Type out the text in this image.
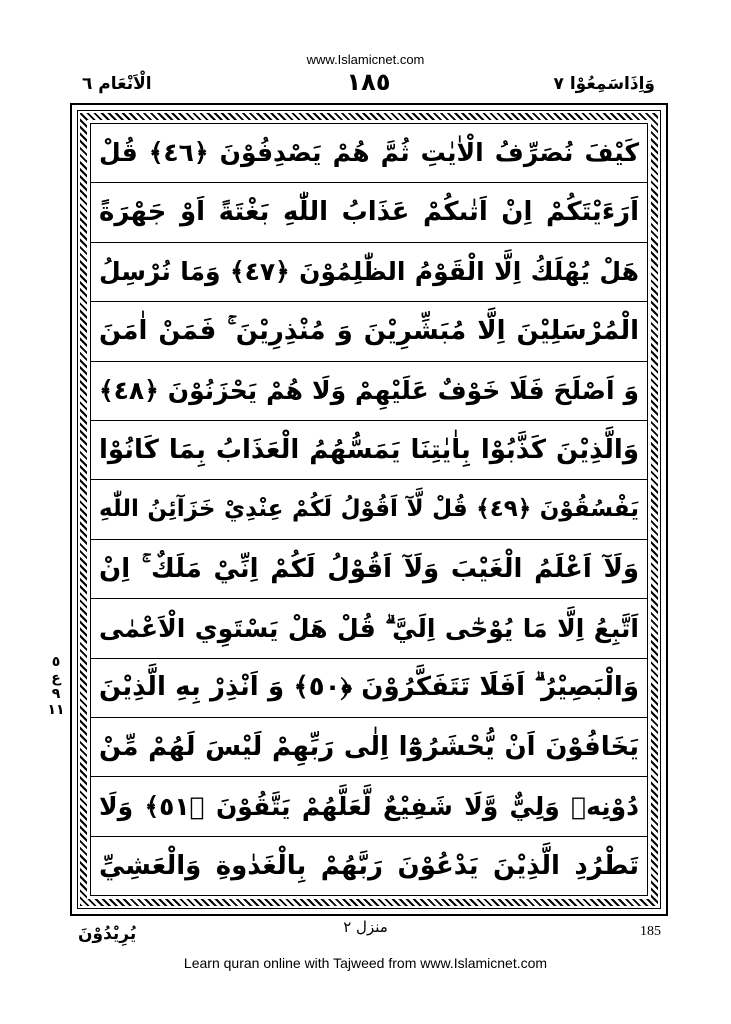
www.Islamicnet.com
الْاَنْعَام ٦	١٨٥	وَاِذَاسَمِعُوْا ٧
كَيْفَ نُصَرِّفُ الْاٰيٰتِ ثُمَّ هُمْ يَصْدِفُوْنَ ﴿٤٦﴾ قُلْ
اَرَءَيْتَكُمْ اِنْ اَتٰىكُمْ عَذَابُ اللّٰهِ بَغْتَةً اَوْ جَهْرَةً
هَلْ يُهْلَكُ اِلَّا الْقَوْمُ الظّٰلِمُوْنَ ﴿٤٧﴾ وَمَا نُرْسِلُ
الْمُرْسَلِيْنَ اِلَّا مُبَشِّرِيْنَ وَ مُنْذِرِيْنَ ۚ فَمَنْ اٰمَنَ
وَ اَصْلَحَ فَلَا خَوْفٌ عَلَيْهِمْ وَلَا هُمْ يَحْزَنُوْنَ ﴿٤٨﴾
وَالَّذِيْنَ كَذَّبُوْا بِاٰيٰتِنَا يَمَسُّهُمُ الْعَذَابُ بِمَا كَانُوْا
يَفْسُقُوْنَ ﴿٤٩﴾ قُلْ لَّآ اَقُوْلُ لَكُمْ عِنْدِيْ خَزَآئِنُ اللّٰهِ
وَلَآ اَعْلَمُ الْغَيْبَ وَلَآ اَقُوْلُ لَكُمْ اِنِّيْ مَلَكٌ ۚ اِنْ
اَتَّبِعُ اِلَّا مَا يُوْحٰٓى اِلَيَّ ۗ قُلْ هَلْ يَسْتَوِي الْاَعْمٰى
وَالْبَصِيْرُ ۗ اَفَلَا تَتَفَكَّرُوْنَ ﴿٥٠﴾ وَ اَنْذِرْ بِهِ الَّذِيْنَ
يَخَافُوْنَ اَنْ يُّحْشَرُوْٓا اِلٰى رَبِّهِمْ لَيْسَ لَهُمْ مِّنْ
دُوْنِهٖ وَلِيٌّ وَّلَا شَفِيْعٌ لَّعَلَّهُمْ يَتَّقُوْنَ ﴿٥١﴾ وَلَا
تَطْرُدِ الَّذِيْنَ يَدْعُوْنَ رَبَّهُمْ بِالْغَدٰوةِ وَالْعَشِيِّ
٥
ع
٩
١١
يُرِيْدُوْنَ	منزل ٢	185
Learn quran online with Tajweed from www.Islamicnet.com
